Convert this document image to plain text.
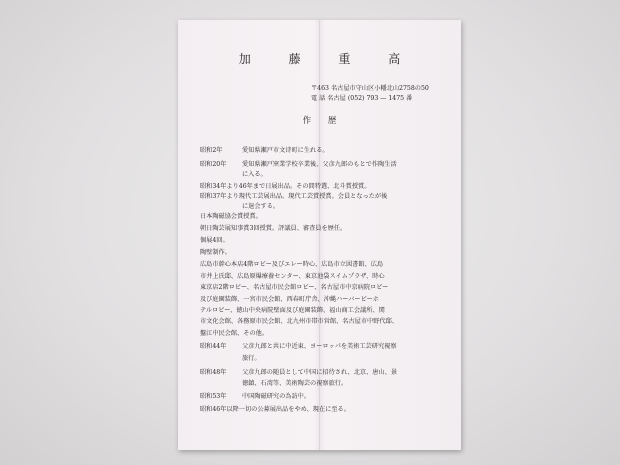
加 藤 重 高
〒463 名古屋市守山区小幡北山2758の50
電 話 名古屋 (052) 793 — 1475 番
作 歴
昭和2年	愛知県瀬戸市文诗町に生れる。
昭和20年	愛知県瀬戸窯業学校卒業後、父彦九郎のもとで作陶生活
に入る。
昭和34年より46年まで日展出品。その間特選、北斗賞授賞。
昭和37年より現代工芸展出品。現代工芸賞授賞。会員となったが後
に退会する。
日本陶磁協会賞授賞。
朝日陶芸展知事賞3回授賞。評議員、審査員を歴任。
個展4回。
陶壁制作。
広島市幹心本店4階ロビー及びエレー時心、広島市立図書館、広島
市井上氏邸、広島原爆療養センター、東京池袋スイムプラザ、時心
東京店2階ロビー、名古屋市民会館ロビー、名古屋市中京病院ロビー
及び庭園装飾、一宮市民会館、西春町庁舎、沖縄ハーバービーホ
テルロビー、徳山中央病院壁面及び庭園装飾、福山商工会議所、関
市文化会館、各務原市民会館、北九州市帯市営館、名古屋市中野代邸、
盤江中民会館、その他。
昭和44年	父彦九郎と共に中近東、ヨーロッパを美術工芸研究視察
旅行。
昭和48年	父彦九郎の随員として中国に招待され、北京、唐山、景
徳鎮、石湾等、美術陶芸の視察旅行。
昭和53年	中国陶磁研究の為訪中。
昭和46年以降一切の公募展出品をやめ、現在に至る。
